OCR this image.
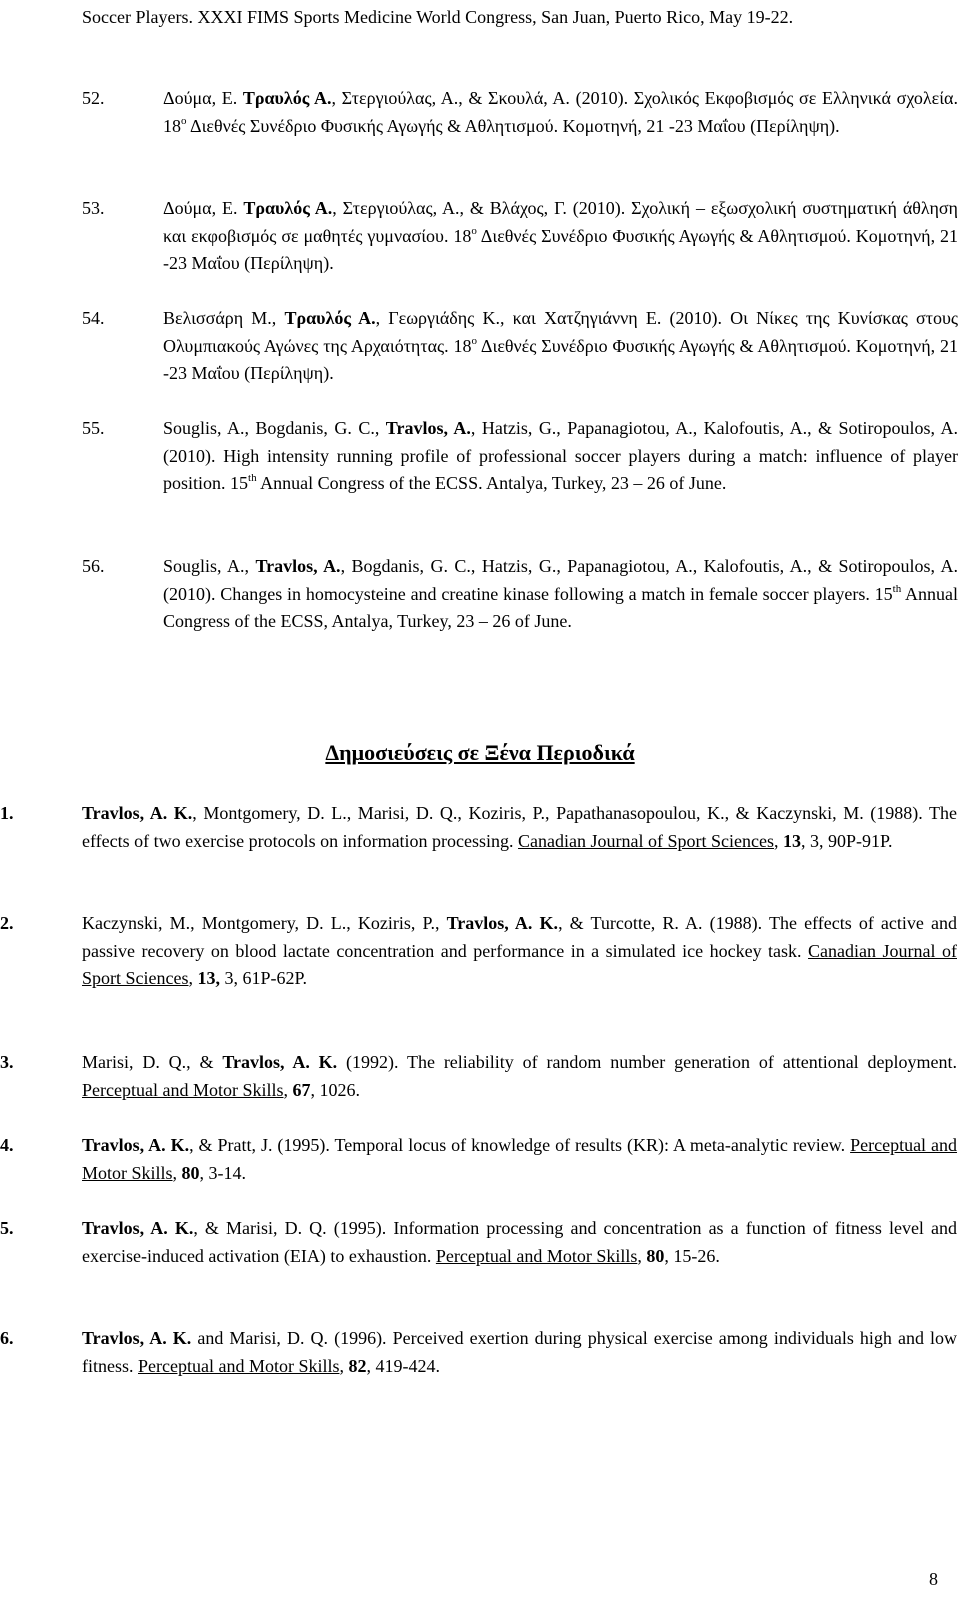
Soccer Players. XXXI FIMS Sports Medicine World Congress, San Juan, Puerto Rico, May 19-22.
52.	Δούμα, Ε. Τραυλός Α., Στεργιούλας, Α., & Σκουλά, Α. (2010). Σχολικός Εκφοβισμός σε Ελληνικά σχολεία. $18^o$ Διεθνές Συνέδριο Φυσικής Αγωγής & Αθλητισμού. Κομοτηνή, 21 -23 Μαΐου (Περίληψη).
53.	Δούμα, Ε. Τραυλός Α., Στεργιούλας, Α., & Βλάχος, Γ. (2010). Σχολική – εξωσχολική συστηματική άθληση και εκφοβισμός σε μαθητές γυμνασίου. $18^o$ Διεθνές Συνέδριο Φυσικής Αγωγής & Αθλητισμού. Κομοτηνή, 21 -23 Μαΐου (Περίληψη).
54.	Βελισσάρη Μ., Τραυλός Α., Γεωργιάδης Κ., και Χατζηγιάννη Ε. (2010). Οι Νίκες της Κυνίσκας στους Ολυμπιακούς Αγώνες της Αρχαιότητας. $18^o$ Διεθνές Συνέδριο Φυσικής Αγωγής & Αθλητισμού. Κομοτηνή, 21 -23 Μαΐου (Περίληψη).
55.	Souglis, A., Bogdanis, G. C., Travlos, A., Hatzis, G., Papanagiotou, A., Kalofoutis, A., & Sotiropoulos, A. (2010). High intensity running profile of professional soccer players during a match: influence of player position. 15th Annual Congress of the ECSS. Antalya, Turkey, 23 – 26 of June.
56.	Souglis, A., Travlos, A., Bogdanis, G. C., Hatzis, G., Papanagiotou, A., Kalofoutis, A., & Sotiropoulos, A. (2010). Changes in homocysteine and creatine kinase following a match in female soccer players. 15th Annual Congress of the ECSS, Antalya, Turkey, 23 – 26 of June.
Δημοσιεύσεις σε Ξένα Περιοδικά
1.	Travlos, A. K., Montgomery, D. L., Marisi, D. Q., Koziris, P., Papathanasopoulou, K., & Kaczynski, M. (1988). The effects of two exercise protocols on information processing. Canadian Journal of Sport Sciences, 13, 3, 90P-91P.
2.	Kaczynski, M., Montgomery, D. L., Koziris, P., Travlos, A. K., & Turcotte, R. A. (1988). The effects of active and passive recovery on blood lactate concentration and performance in a simulated ice hockey task. Canadian Journal of Sport Sciences, 13, 3, 61P-62P.
3.	Marisi, D. Q., & Travlos, A. K. (1992). The reliability of random number generation of attentional deployment. Perceptual and Motor Skills, 67, 1026.
4.	Travlos, A. K., & Pratt, J. (1995). Temporal locus of knowledge of results (KR): A meta-analytic review. Perceptual and Motor Skills, 80, 3-14.
5.	Travlos, A. K., & Marisi, D. Q. (1995). Information processing and concentration as a function of fitness level and exercise-induced activation (EIA) to exhaustion. Perceptual and Motor Skills, 80, 15-26.
6.	Travlos, A. K. and Marisi, D. Q. (1996). Perceived exertion during physical exercise among individuals high and low fitness. Perceptual and Motor Skills, 82, 419-424.
8
